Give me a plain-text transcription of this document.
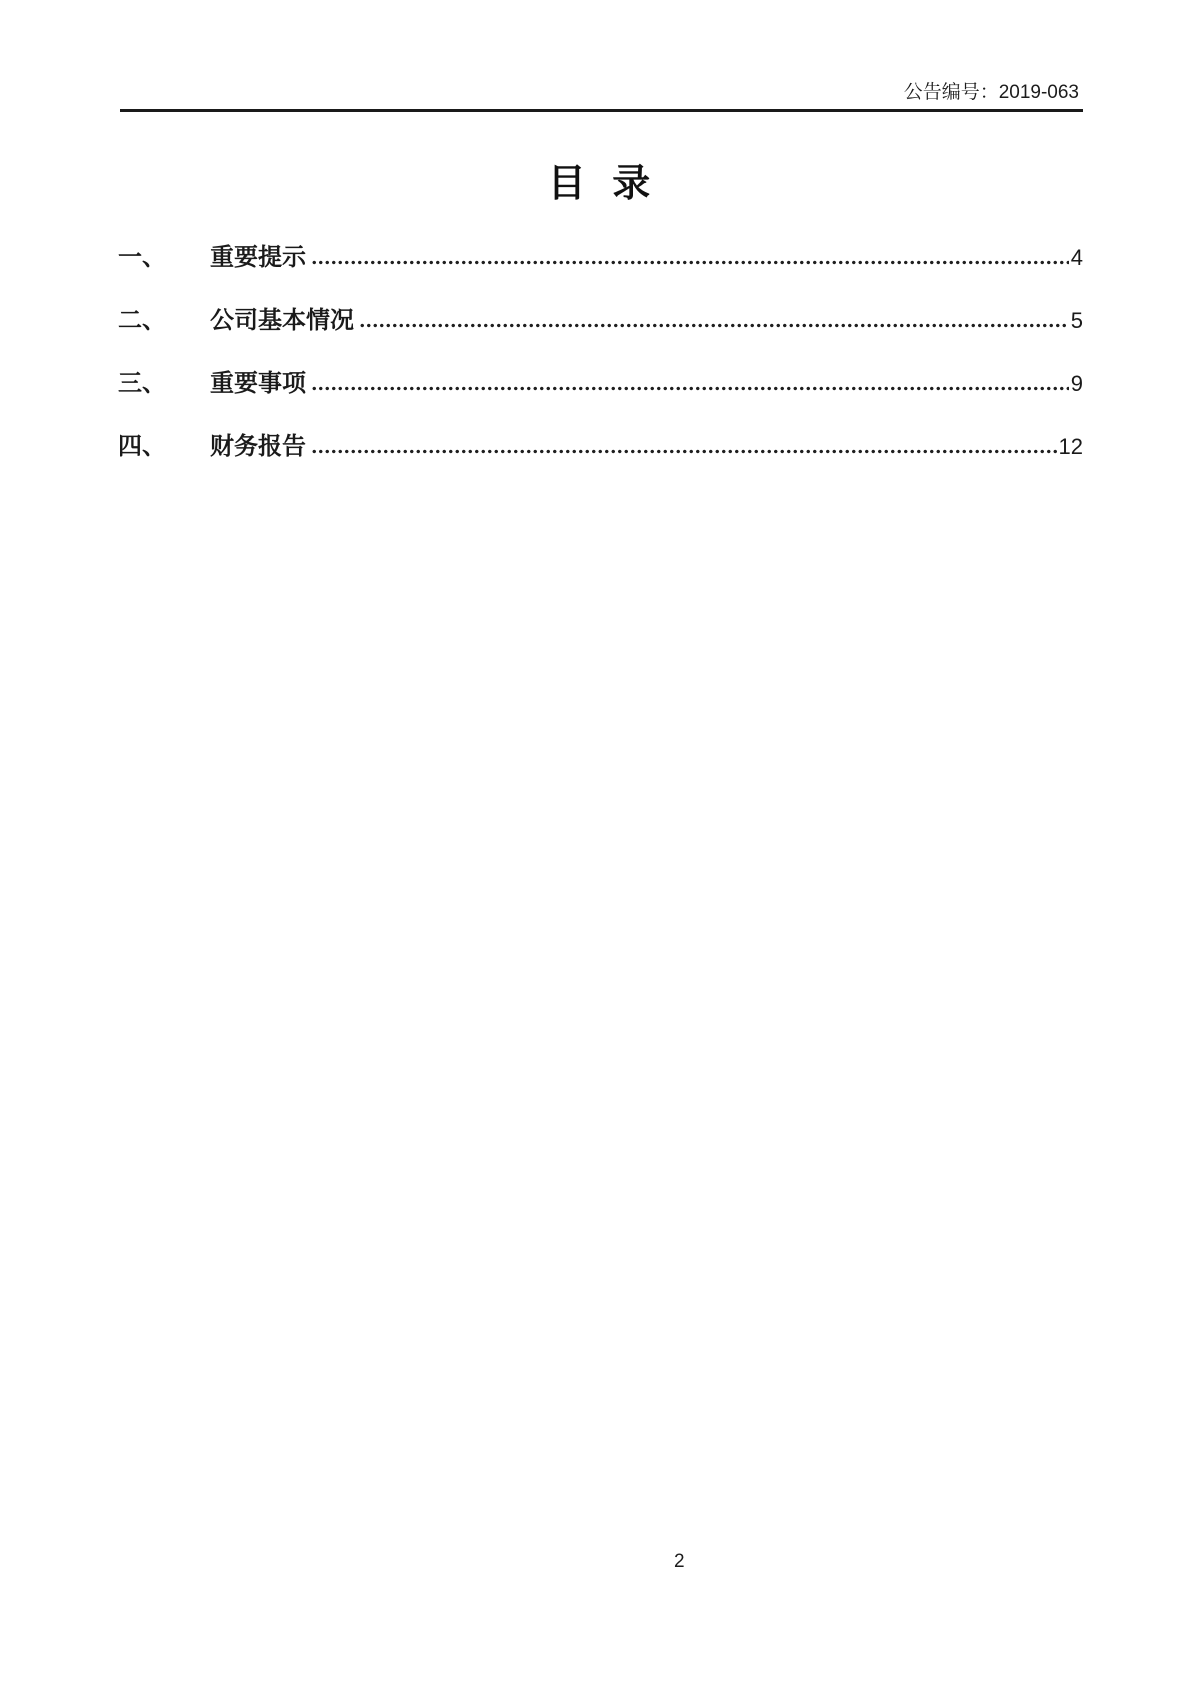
公告编号：2019-063
目 录
一、	重要提示	4
二、	公司基本情况	5
三、	重要事项	9
四、	财务报告	12
2
